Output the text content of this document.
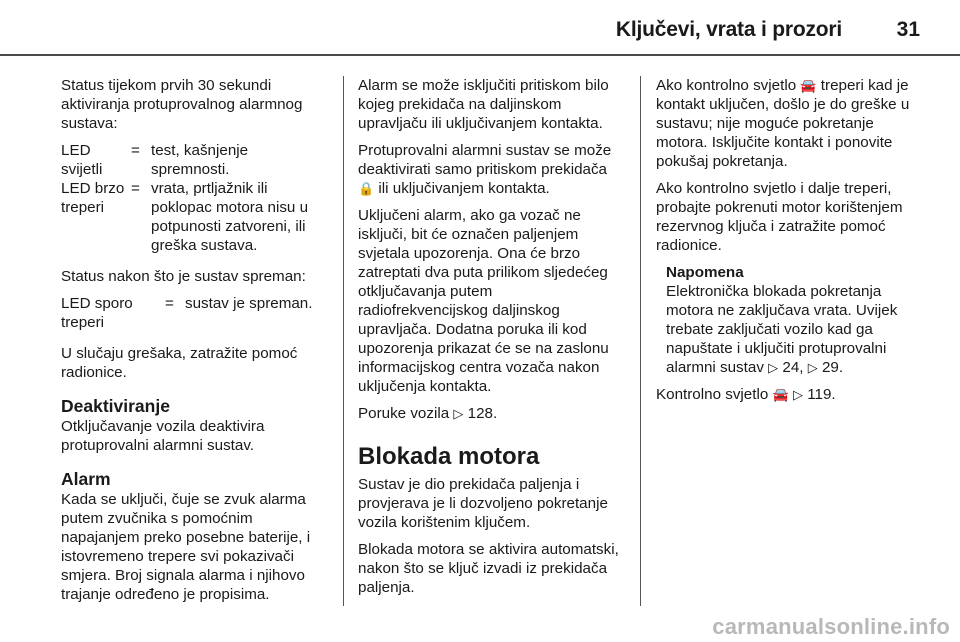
Ključevi, vrata i prozori	31

Status tijekom prvih 30 sekundi aktiviranja protuprovalnog alarmnog sustava:

LED svijetli
= test, kašnjenje spremnosti.
LED brzo treperi
= vrata, prtljažnik ili poklopac motora nisu u potpunosti zatvoreni, ili greška sustava.

Status nakon što je sustav spreman:

LED sporo treperi
= sustav je spreman.

U slučaju grešaka, zatražite pomoć radionice.

Deaktiviranje

Otključavanje vozila deaktivira protuprovalni alarmni sustav.

Alarm

Kada se uključi, čuje se zvuk alarma putem zvučnika s pomoćnim napajanjem preko posebne baterije, i istovremeno trepere svi pokazivači smjera. Broj signala alarma i njihovo trajanje određeno je propisima.

Alarm se može isključiti pritiskom bilo kojeg prekidača na daljinskom upravljaču ili uključivanjem kontakta.

Protuprovalni alarmni sustav se može deaktivirati samo pritiskom prekidača 🔒 ili uključivanjem kontakta.

Uključeni alarm, ako ga vozač ne isključi, bit će označen paljenjem svjetala upozorenja. Ona će brzo zatreptati dva puta prilikom sljedećeg otključavanja putem radiofrekvencijskog daljinskog upravljača. Dodatna poruka ili kod upozorenja prikazat će se na zaslonu informacijskog centra vozača nakon uključenja kontakta.

Poruke vozila ▷ 128.

Blokada motora

Sustav je dio prekidača paljenja i provjerava je li dozvoljeno pokretanje vozila korištenim ključem.

Blokada motora se aktivira automatski, nakon što se ključ izvadi iz prekidača paljenja.

Ako kontrolno svjetlo 🚘 treperi kad je kontakt uključen, došlo je do greške u sustavu; nije moguće pokretanje motora. Isključite kontakt i ponovite pokušaj pokretanja.

Ako kontrolno svjetlo i dalje treperi, probajte pokrenuti motor korištenjem rezervnog ključa i zatražite pomoć radionice.

Napomena
Elektronička blokada pokretanja motora ne zaključava vrata. Uvijek trebate zaključati vozilo kad ga napuštate i uključiti protuprovalni alarmni sustav ▷ 24, ▷ 29.

Kontrolno svjetlo 🚘 ▷ 119.

carmanualsonline.info
